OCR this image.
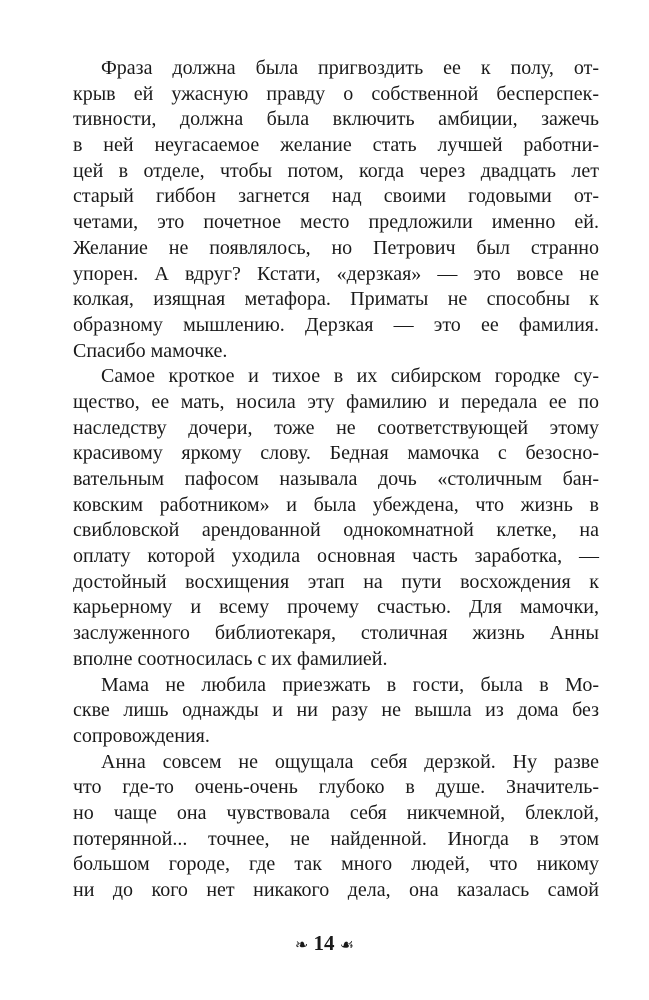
Фраза должна была пригвоздить ее к полу, от-
крыв ей ужасную правду о собственной бесперспек-
тивности, должна была включить амбиции, зажечь
в ней неугасаемое желание стать лучшей работни-
цей в отделе, чтобы потом, когда через двадцать лет
старый гиббон загнется над своими годовыми от-
четами, это почетное место предложили именно ей.
Желание не появлялось, но Петрович был странно
упорен. А вдруг? Кстати, «дерзкая» — это вовсе не
колкая, изящная метафора. Приматы не способны к
образному мышлению. Дерзкая — это ее фамилия.
Спасибо мамочке.
Самое кроткое и тихое в их сибирском городке су-
щество, ее мать, носила эту фамилию и передала ее по
наследству дочери, тоже не соответствующей этому
красивому яркому слову. Бедная мамочка с безосно-
вательным пафосом называла дочь «столичным бан-
ковским работником» и была убеждена, что жизнь в
свибловской арендованной однокомнатной клетке, на
оплату которой уходила основная часть заработка, —
достойный восхищения этап на пути восхождения к
карьерному и всему прочему счастью. Для мамочки,
заслуженного библиотекаря, столичная жизнь Анны
вполне соотносилась с их фамилией.
Мама не любила приезжать в гости, была в Мо-
скве лишь однажды и ни разу не вышла из дома без
сопровождения.
Анна совсем не ощущала себя дерзкой. Ну разве
что где-то очень-очень глубоко в душе. Значитель-
но чаще она чувствовала себя никчемной, блеклой,
потерянной... точнее, не найденной. Иногда в этом
большом городе, где так много людей, что никому
ни до кого нет никакого дела, она казалась самой
❧ 14 ☙
